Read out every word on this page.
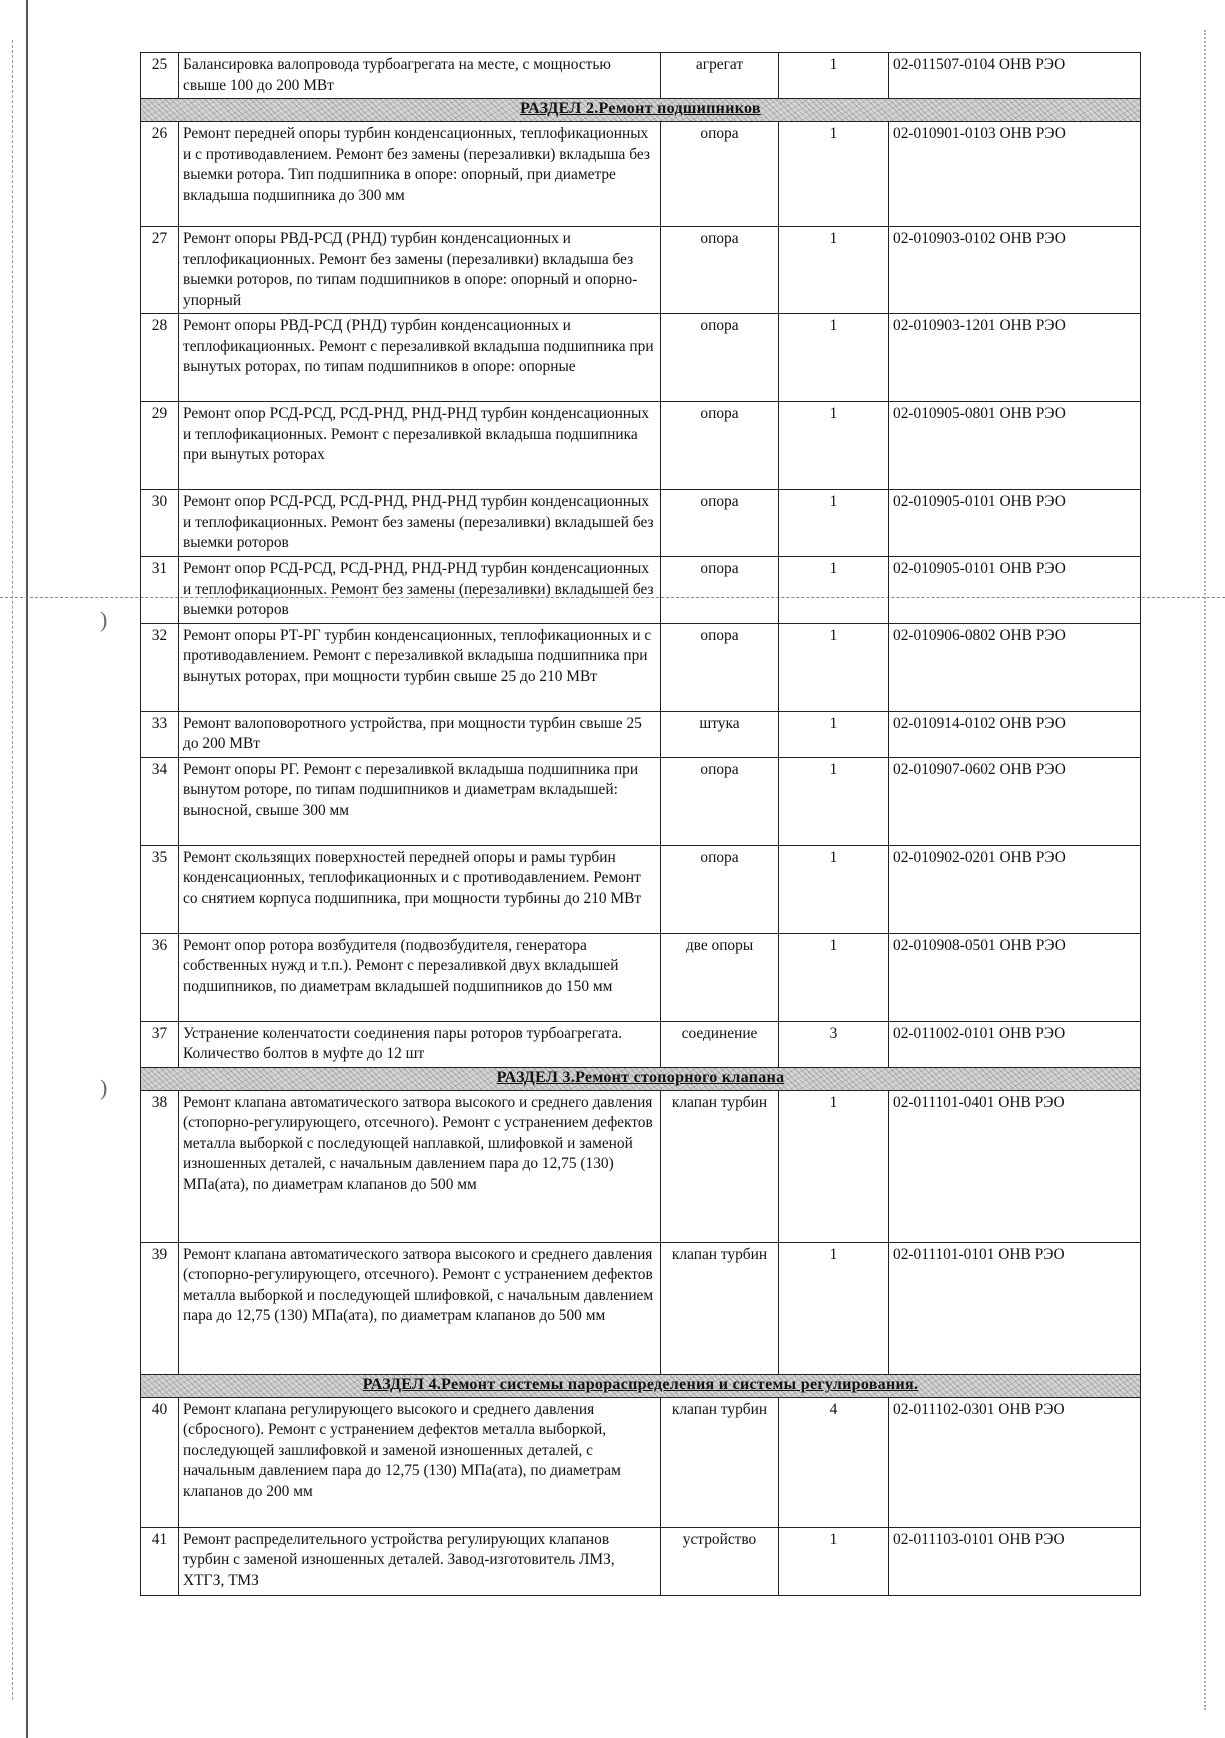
)
)
25	Балансировка валопровода турбоагрегата на месте, с мощностью свыше 100 до 200 МВт	агрегат	1	02-011507-0104 ОНВ РЭО
РАЗДЕЛ 2.Ремонт подшипников				
26	Ремонт передней опоры турбин конденсационных, теплофикационных и с противодавлением. Ремонт без замены (перезаливки) вкладыша без выемки ротора. Тип подшипника в опоре: опорный, при диаметре вкладыша подшипника до 300 мм	опора	1	02-010901-0103 ОНВ РЭО
27	Ремонт опоры РВД-РСД (РНД) турбин конденсационных и теплофикационных. Ремонт без замены (перезаливки) вкладыша без выемки роторов, по типам подшипников в опоре: опорный и опорно-упорный	опора	1	02-010903-0102 ОНВ РЭО
28	Ремонт опоры РВД-РСД (РНД) турбин конденсационных и теплофикационных. Ремонт с перезаливкой вкладыша подшипника при вынутых роторах, по типам подшипников в опоре: опорные	опора	1	02-010903-1201 ОНВ РЭО
29	Ремонт опор РСД-РСД, РСД-РНД, РНД-РНД турбин конденсационных и теплофикационных. Ремонт с перезаливкой вкладыша подшипника при вынутых роторах	опора	1	02-010905-0801 ОНВ РЭО
30	Ремонт опор РСД-РСД, РСД-РНД, РНД-РНД турбин конденсационных и теплофикационных. Ремонт без замены (перезаливки) вкладышей без выемки роторов	опора	1	02-010905-0101 ОНВ РЭО
31	Ремонт опор РСД-РСД, РСД-РНД, РНД-РНД турбин конденсационных и теплофикационных. Ремонт без замены (перезаливки) вкладышей без выемки роторов	опора	1	02-010905-0101 ОНВ РЭО
32	Ремонт опоры РТ-РГ турбин конденсационных, теплофикационных и с противодавлением. Ремонт с перезаливкой вкладыша подшипника при вынутых роторах, при мощности турбин свыше 25 до 210 МВт	опора	1	02-010906-0802 ОНВ РЭО
33	Ремонт валоповоротного устройства, при мощности турбин свыше 25 до 200 МВт	штука	1	02-010914-0102 ОНВ РЭО
34	Ремонт опоры РГ. Ремонт с перезаливкой вкладыша подшипника при вынутом роторе, по типам подшипников и диаметрам вкладышей: выносной, свыше 300 мм	опора	1	02-010907-0602 ОНВ РЭО
35	Ремонт скользящих поверхностей передней опоры и рамы турбин конденсационных, теплофикационных и с противодавлением. Ремонт со снятием корпуса подшипника, при мощности турбины до 210 МВт	опора	1	02-010902-0201 ОНВ РЭО
36	Ремонт опор ротора возбудителя (подвозбудителя, генератора собственных нужд и т.п.). Ремонт с перезаливкой двух вкладышей подшипников, по диаметрам вкладышей подшипников до 150 мм	две опоры	1	02-010908-0501 ОНВ РЭО
37	Устранение коленчатости соединения пары роторов турбоагрегата. Количество болтов в муфте до 12 шт	соединение	3	02-011002-0101 ОНВ РЭО
РАЗДЕЛ 3.Ремонт стопорного клапана				
38	Ремонт клапана автоматического затвора высокого и среднего давления (стопорно-регулирующего, отсечного). Ремонт с устранением дефектов металла выборкой с последующей наплавкой, шлифовкой и заменой изношенных деталей, с начальным давлением пара до 12,75 (130) МПа(ата), по диаметрам клапанов до 500 мм	клапан турбин	1	02-011101-0401 ОНВ РЭО
39	Ремонт клапана автоматического затвора высокого и среднего давления (стопорно-регулирующего, отсечного). Ремонт с устранением дефектов металла выборкой и последующей шлифовкой, с начальным давлением пара до 12,75 (130) МПа(ата), по диаметрам клапанов до 500 мм	клапан турбин	1	02-011101-0101 ОНВ РЭО
РАЗДЕЛ 4.Ремонт системы парораспределения и системы регулирования.				
40	Ремонт клапана регулирующего высокого и среднего давления (сбросного). Ремонт с устранением дефектов металла выборкой, последующей зашлифовкой и заменой изношенных деталей, с начальным давлением пара до 12,75 (130) МПа(ата), по диаметрам клапанов до 200 мм	клапан турбин	4	02-011102-0301 ОНВ РЭО
41	Ремонт распределительного устройства регулирующих клапанов турбин с заменой изношенных деталей. Завод-изготовитель ЛМЗ, ХТГЗ, ТМЗ	устройство	1	02-011103-0101 ОНВ РЭО
